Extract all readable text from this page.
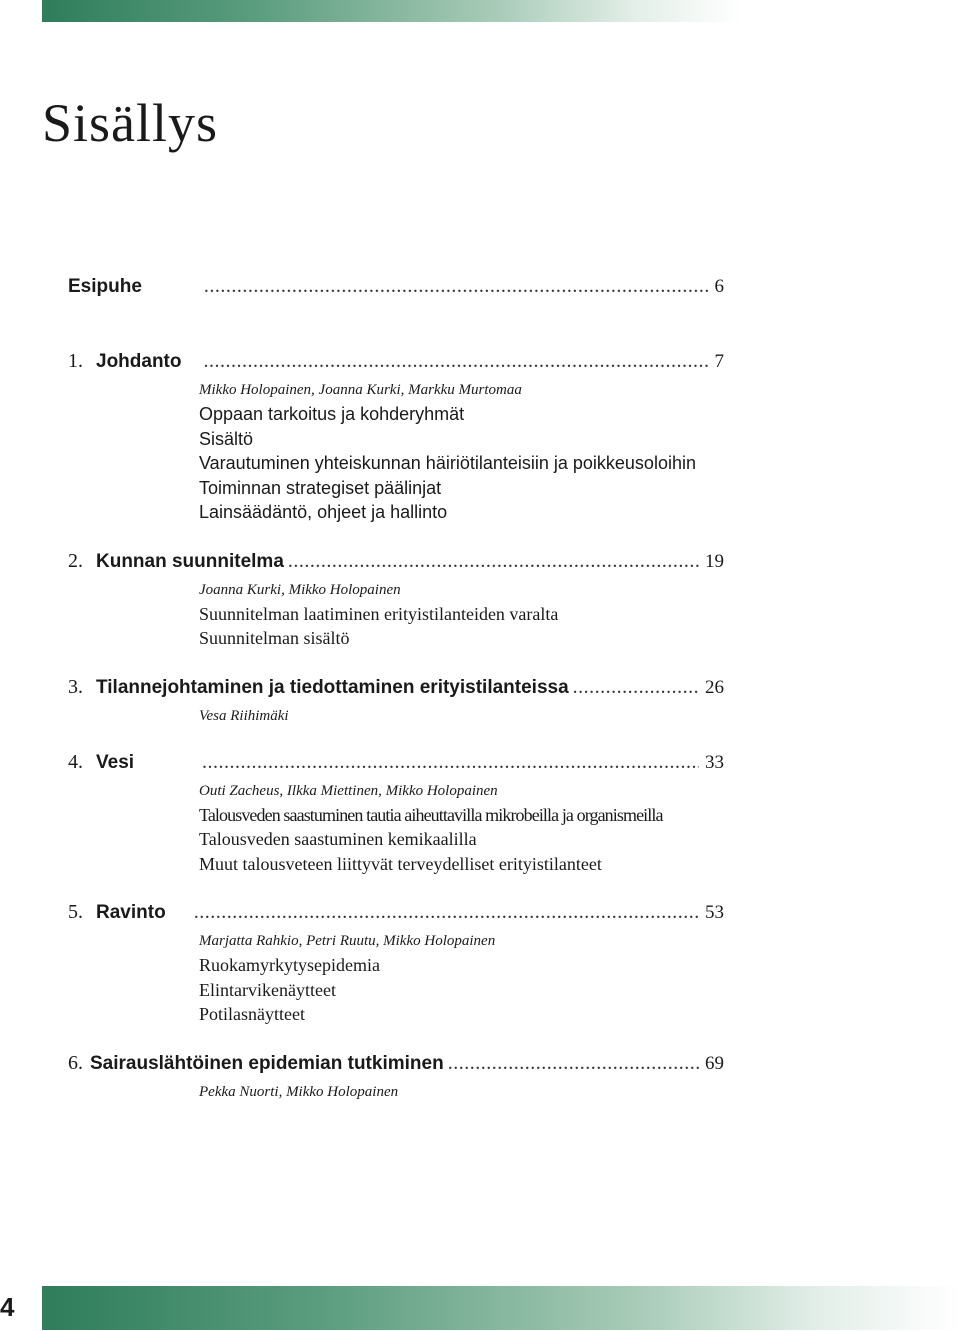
Sisällys
Esipuhe .....	6
1. Johdanto .....	7
Mikko Holopainen, Joanna Kurki, Markku Murtomaa
Oppaan tarkoitus ja kohderyhmät
Sisältö
Varautuminen yhteiskunnan häiriötilanteisiin ja poikkeusoloihin
Toiminnan strategiset päälinjat
Lainsäädäntö, ohjeet ja hallinto
2. Kunnan suunnitelma .....	19
Joanna Kurki, Mikko Holopainen
Suunnitelman laatiminen erityistilanteiden varalta
Suunnitelman sisältö
3. Tilannejohtaminen ja tiedottaminen erityistilanteissa .....	26
Vesa Riihimäki
4. Vesi .....	33
Outi Zacheus, Ilkka Miettinen, Mikko Holopainen
Talousveden saastuminen tautia aiheuttavilla mikrobeilla ja organismeilla
Talousveden saastuminen kemikaalilla
Muut talousveteen liittyvät terveydelliset erityistilanteet
5. Ravinto .....	53
Marjatta Rahkio, Petri Ruutu, Mikko Holopainen
Ruokamyrkytysepidemia
Elintarvikenäytteet
Potilasnäytteet
6. Sairauslähtöinen epidemian tutkiminen .....	69
Pekka Nuorti, Mikko Holopainen
4
